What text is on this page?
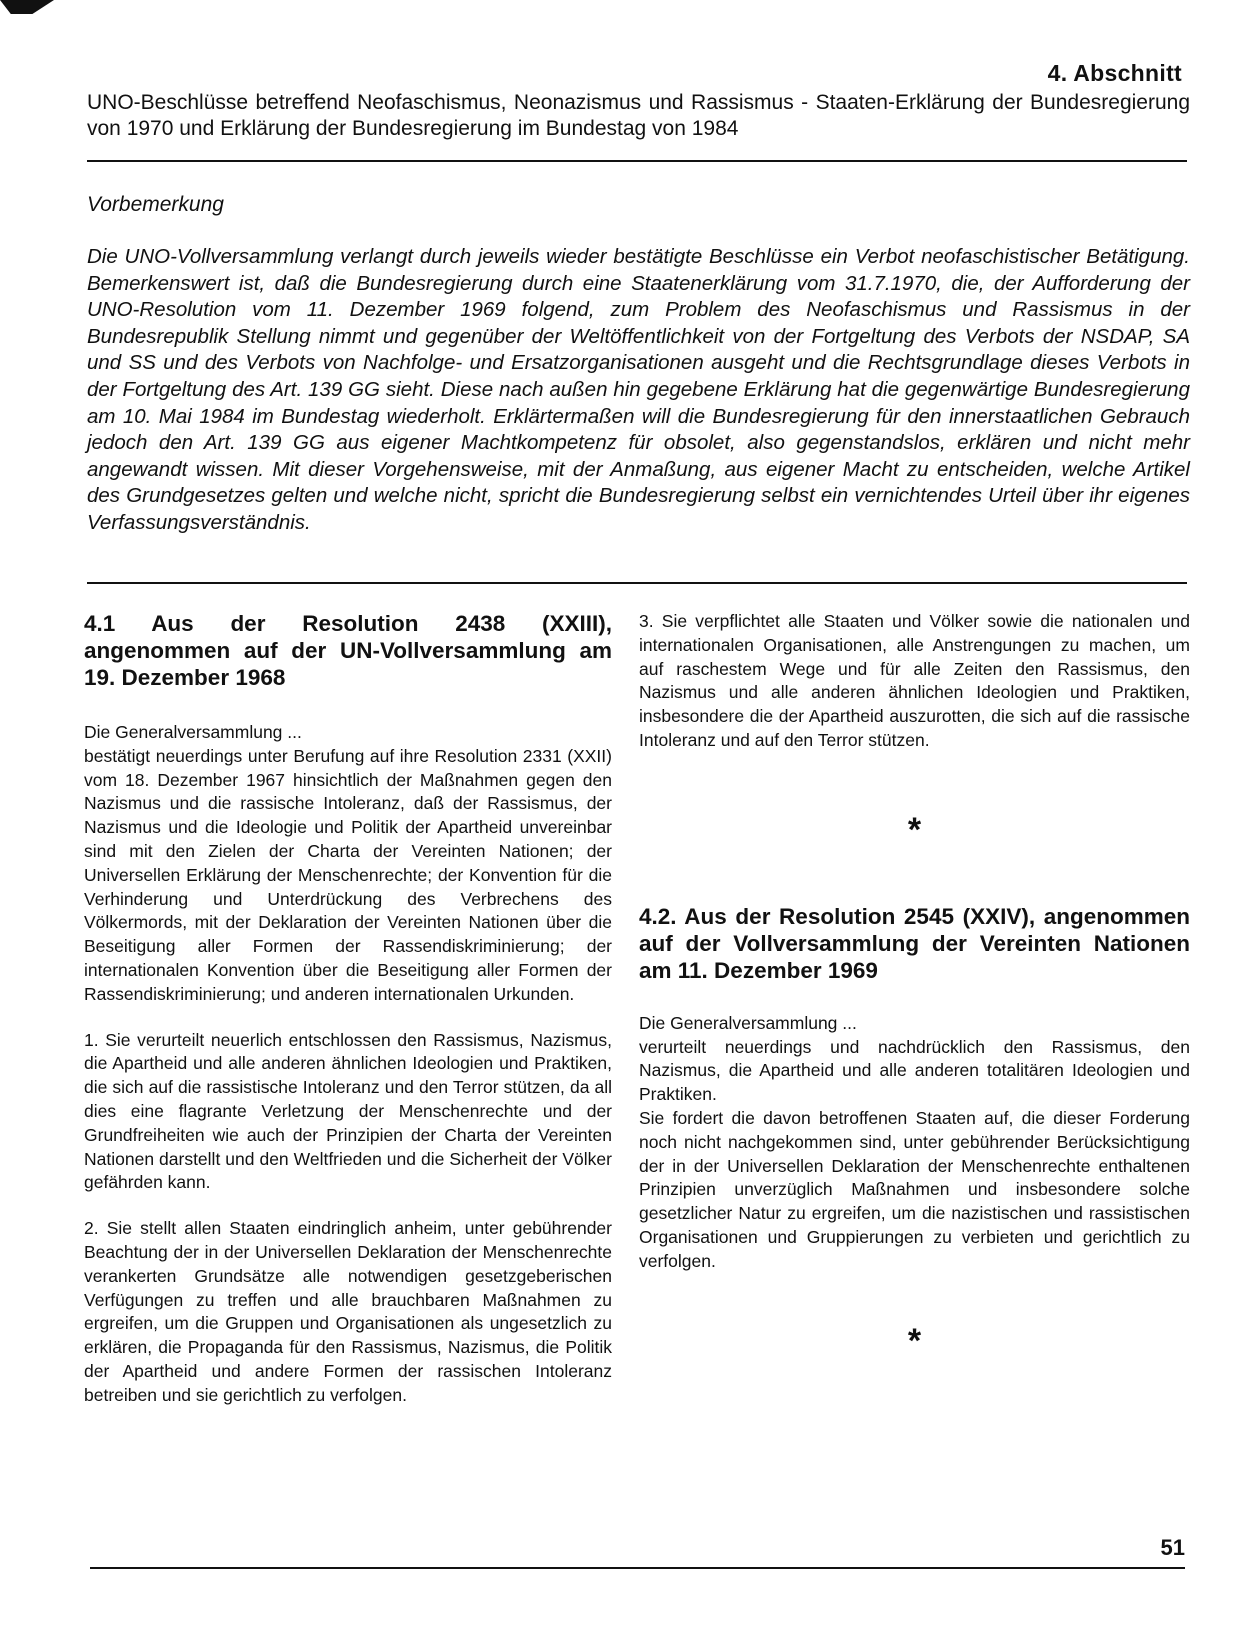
4. Abschnitt
UNO-Beschlüsse betreffend Neofaschismus, Neonazismus und Rassismus - Staaten-Erklärung der Bundesregierung von 1970 und Erklärung der Bundesregierung im Bundestag von 1984
Vorbemerkung
Die UNO-Vollversammlung verlangt durch jeweils wieder bestätigte Beschlüsse ein Verbot neofaschistischer Betätigung. Bemerkenswert ist, daß die Bundesregierung durch eine Staatenerklärung vom 31.7.1970, die, der Aufforderung der UNO-Resolution vom 11. Dezember 1969 folgend, zum Problem des Neofaschismus und Rassismus in der Bundesrepublik Stellung nimmt und gegenüber der Weltöffentlichkeit von der Fortgeltung des Verbots der NSDAP, SA und SS und des Verbots von Nachfolge- und Ersatzorganisationen ausgeht und die Rechtsgrundlage dieses Verbots in der Fortgeltung des Art. 139 GG sieht. Diese nach außen hin gegebene Erklärung hat die gegenwärtige Bundesregierung am 10. Mai 1984 im Bundestag wiederholt. Erklärtermaßen will die Bundesregierung für den innerstaatlichen Gebrauch jedoch den Art. 139 GG aus eigener Machtkompetenz für obsolet, also gegenstandslos, erklären und nicht mehr angewandt wissen. Mit dieser Vorgehensweise, mit der Anmaßung, aus eigener Macht zu entscheiden, welche Artikel des Grundgesetzes gelten und welche nicht, spricht die Bundesregierung selbst ein vernichtendes Urteil über ihr eigenes Verfassungsverständnis.
4.1 Aus der Resolution 2438 (XXIII), angenommen auf der UN-Vollversammlung am 19. Dezember 1968

Die Generalversammlung ...

bestätigt neuerdings unter Berufung auf ihre Resolution 2331 (XXII) vom 18. Dezember 1967 hinsichtlich der Maßnahmen gegen den Nazismus und die rassische Intoleranz, daß der Rassismus, der Nazismus und die Ideologie und Politik der Apartheid unvereinbar sind mit den Zielen der Charta der Vereinten Nationen; der Universellen Erklärung der Menschenrechte; der Konvention für die Verhinderung und Unterdrückung des Verbrechens des Völkermords, mit der Deklaration der Vereinten Nationen über die Beseitigung aller Formen der Rassendiskriminierung; der internationalen Konvention über die Beseitigung aller Formen der Rassendiskriminierung; und anderen internationalen Urkunden.

1. Sie verurteilt neuerlich entschlossen den Rassismus, Nazismus, die Apartheid und alle anderen ähnlichen Ideologien und Praktiken, die sich auf die rassistische Intoleranz und den Terror stützen, da all dies eine flagrante Verletzung der Menschenrechte und der Grundfreiheiten wie auch der Prinzipien der Charta der Vereinten Nationen darstellt und den Weltfrieden und die Sicherheit der Völker gefährden kann.

2. Sie stellt allen Staaten eindringlich anheim, unter gebührender Beachtung der in der Universellen Deklaration der Menschenrechte verankerten Grundsätze alle notwendigen gesetzgeberischen Verfügungen zu treffen und alle brauchbaren Maßnahmen zu ergreifen, um die Gruppen und Organisationen als ungesetzlich zu erklären, die Propaganda für den Rassismus, Nazismus, die Politik der Apartheid und andere Formen der rassischen Intoleranz betreiben und sie gerichtlich zu verfolgen.

3. Sie verpflichtet alle Staaten und Völker sowie die nationalen und internationalen Organisationen, alle Anstrengungen zu machen, um auf raschestem Wege und für alle Zeiten den Rassismus, den Nazismus und alle anderen ähnlichen Ideologien und Praktiken, insbesondere die der Apartheid auszurotten, die sich auf die rassische Intoleranz und auf den Terror stützen.

*
4.2. Aus der Resolution 2545 (XXIV), angenommen auf der Vollversammlung der Vereinten Nationen am 11. Dezember 1969

Die Generalversammlung ...

verurteilt neuerdings und nachdrücklich den Rassismus, den Nazismus, die Apartheid und alle anderen totalitären Ideologien und Praktiken.

Sie fordert die davon betroffenen Staaten auf, die dieser Forderung noch nicht nachgekommen sind, unter gebührender Berücksichtigung der in der Universellen Deklaration der Menschenrechte enthaltenen Prinzipien unverzüglich Maßnahmen und insbesondere solche gesetzlicher Natur zu ergreifen, um die nazistischen und rassistischen Organisationen und Gruppierungen zu verbieten und gerichtlich zu verfolgen.

*
51
